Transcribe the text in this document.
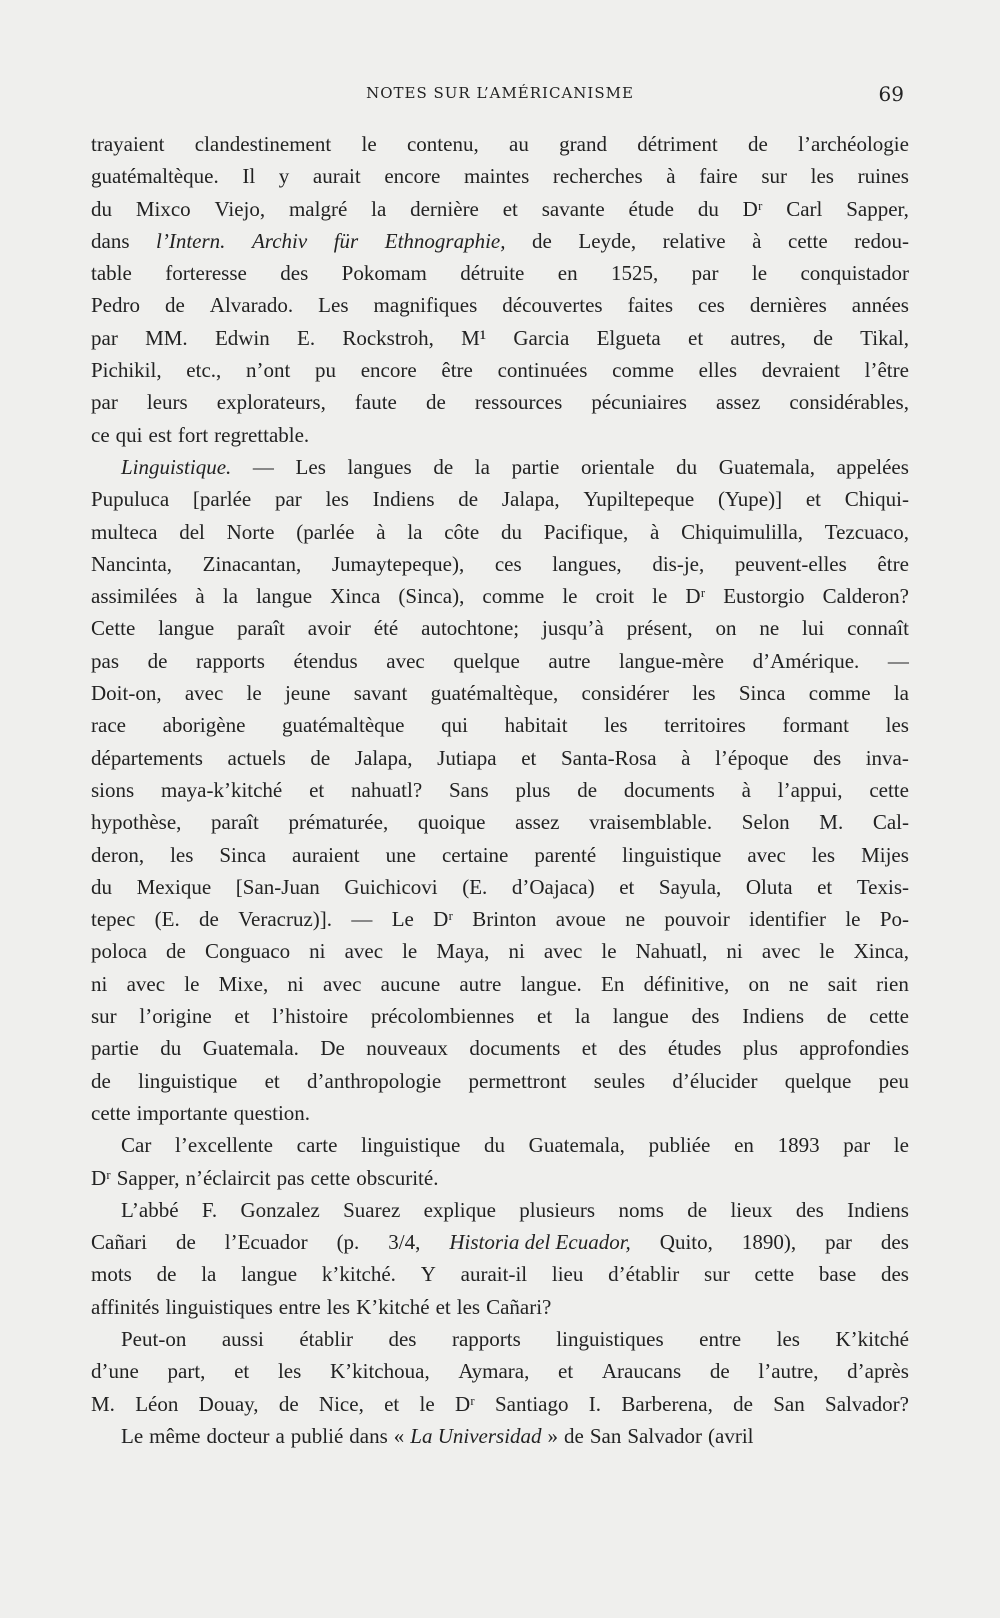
NOTES SUR L’AMÉRICANISME	69
trayaient clandestinement le contenu, au grand détriment de l’archéologie
guatémaltèque. Il y aurait encore maintes recherches à faire sur les ruines
du Mixco Viejo, malgré la dernière et savante étude du Dʳ Carl Sapper,
dans l’Intern. Archiv für Ethnographie, de Leyde, relative à cette redou-
table forteresse des Pokomam détruite en 1525, par le conquistador
Pedro de Alvarado. Les magnifiques découvertes faites ces dernières années
par MM. Edwin E. Rockstroh, M¹ Garcia Elgueta et autres, de Tikal,
Pichikil, etc., n’ont pu encore être continuées comme elles devraient l’être
par leurs explorateurs, faute de ressources pécuniaires assez considérables,
ce qui est fort regrettable.
Linguistique. — Les langues de la partie orientale du Guatemala, appelées
Pupuluca [parlée par les Indiens de Jalapa, Yupiltepeque (Yupe)] et Chiqui-
multeca del Norte (parlée à la côte du Pacifique, à Chiquimulilla, Tezcuaco,
Nancinta, Zinacantan, Jumaytepeque), ces langues, dis-je, peuvent-elles être
assimilées à la langue Xinca (Sinca), comme le croit le Dʳ Eustorgio Calderon?
Cette langue paraît avoir été autochtone; jusqu’à présent, on ne lui connaît
pas de rapports étendus avec quelque autre langue-mère d’Amérique. —
Doit-on, avec le jeune savant guatémaltèque, considérer les Sinca comme la
race aborigène guatémaltèque qui habitait les territoires formant les
départements actuels de Jalapa, Jutiapa et Santa-Rosa à l’époque des inva-
sions maya-k’kitché et nahuatl? Sans plus de documents à l’appui, cette
hypothèse, paraît prématurée, quoique assez vraisemblable. Selon M. Cal-
deron, les Sinca auraient une certaine parenté linguistique avec les Mijes
du Mexique [San-Juan Guichicovi (E. d’Oajaca) et Sayula, Oluta et Texis-
tepec (E. de Veracruz)]. — Le Dʳ Brinton avoue ne pouvoir identifier le Po-
poloca de Conguaco ni avec le Maya, ni avec le Nahuatl, ni avec le Xinca,
ni avec le Mixe, ni avec aucune autre langue. En définitive, on ne sait rien
sur l’origine et l’histoire précolombiennes et la langue des Indiens de cette
partie du Guatemala. De nouveaux documents et des études plus approfondies
de linguistique et d’anthropologie permettront seules d’élucider quelque peu
cette importante question.
Car l’excellente carte linguistique du Guatemala, publiée en 1893 par le
Dʳ Sapper, n’éclaircit pas cette obscurité.
L’abbé F. Gonzalez Suarez explique plusieurs noms de lieux des Indiens
Cañari de l’Ecuador (p. 3/4, Historia del Ecuador, Quito, 1890), par des
mots de la langue k’kitché. Y aurait-il lieu d’établir sur cette base des
affinités linguistiques entre les K’kitché et les Cañari?
Peut-on aussi établir des rapports linguistiques entre les K’kitché
d’une part, et les K’kitchoua, Aymara, et Araucans de l’autre, d’après
M. Léon Douay, de Nice, et le Dʳ Santiago I. Barberena, de San Salvador?
Le même docteur a publié dans « La Universidad » de San Salvador (avril
